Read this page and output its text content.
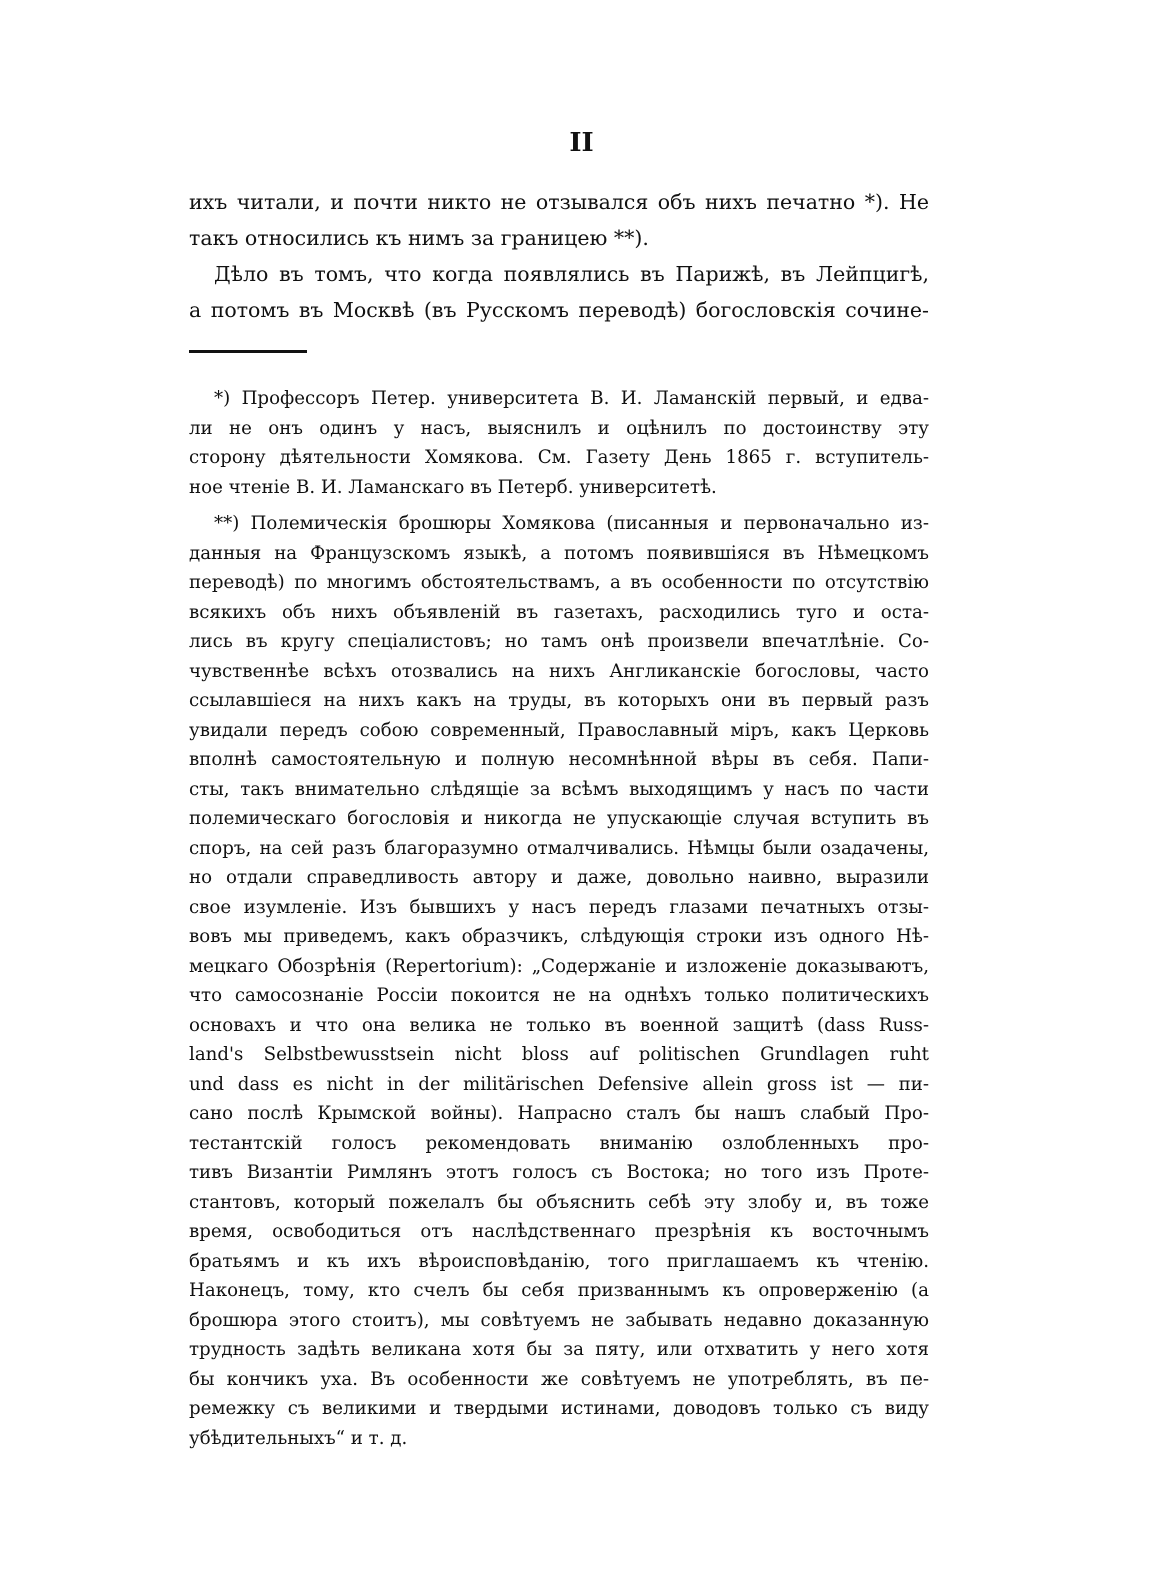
II
ихъ читали, и почти никто не отзывался объ нихъ печатно *). Не
такъ относились къ нимъ за границею **).
Дѣло въ томъ, что когда появлялись въ Парижѣ, въ Лейпцигѣ,
а потомъ въ Москвѣ (въ Русскомъ переводѣ) богословскія сочине-
*) Профессоръ Петер. университета В. И. Ламанскій первый, и едва-
ли не онъ одинъ у насъ, выяснилъ и оцѣнилъ по достоинству эту
сторону дѣятельности Хомякова. См. Газету День 1865 г. вступитель-
ное чтеніе В. И. Ламанскаго въ Петерб. университетѣ.
**) Полемическія брошюры Хомякова (писанныя и первоначально из-
данныя на Французскомъ языкѣ, а потомъ появившіяся въ Нѣмецкомъ
переводѣ) по многимъ обстоятельствамъ, а въ особенности по отсутствію
всякихъ объ нихъ объявленій въ газетахъ, расходились туго и оста-
лись въ кругу спеціалистовъ; но тамъ онѣ произвели впечатлѣніе. Со-
чувственнѣе всѣхъ отозвались на нихъ Англиканскіе богословы, часто
ссылавшіеся на нихъ какъ на труды, въ которыхъ они въ первый разъ
увидали передъ собою современный, Православный міръ, какъ Церковь
вполнѣ самостоятельную и полную несомнѣнной вѣры въ себя. Папи-
сты, такъ внимательно слѣдящіе за всѣмъ выходящимъ у насъ по части
полемическаго богословія и никогда не упускающіе случая вступить въ
споръ, на сей разъ благоразумно отмалчивались. Нѣмцы были озадачены,
но отдали справедливость автору и даже, довольно наивно, выразили
свое изумленіе. Изъ бывшихъ у насъ передъ глазами печатныхъ отзы-
вовъ мы приведемъ, какъ образчикъ, слѣдующія строки изъ одного Нѣ-
мецкаго Обозрѣнія (Repertorium): „Содержаніе и изложеніе доказываютъ,
что самосознаніе Россіи покоится не на однѣхъ только политическихъ
основахъ и что она велика не только въ военной защитѣ (dass Russ-
land's Selbstbewusstsein nicht bloss auf politischen Grundlagen ruht
und dass es nicht in der militärischen Defensive allein gross ist — пи-
сано послѣ Крымской войны). Напрасно сталъ бы нашъ слабый Про-
тестантскій голосъ рекомендовать вниманію озлобленныхъ про-
тивъ Византіи Римлянъ этотъ голосъ съ Востока; но того изъ Проте-
стантовъ, который пожелалъ бы объяснить себѣ эту злобу и, въ тоже
время, освободиться отъ наслѣдственнаго презрѣнія къ восточнымъ
братьямъ и къ ихъ вѣроисповѣданію, того приглашаемъ къ чтенію.
Наконецъ, тому, кто счелъ бы себя призваннымъ къ опроверженію (а
брошюра этого стоитъ), мы совѣтуемъ не забывать недавно доказанную
трудность задѣть великана хотя бы за пяту, или отхватить у него хотя
бы кончикъ уха. Въ особенности же совѣтуемъ не употреблять, въ пе-
ремежку съ великими и твердыми истинами, доводовъ только съ виду
убѣдительныхъ“ и т. д.
